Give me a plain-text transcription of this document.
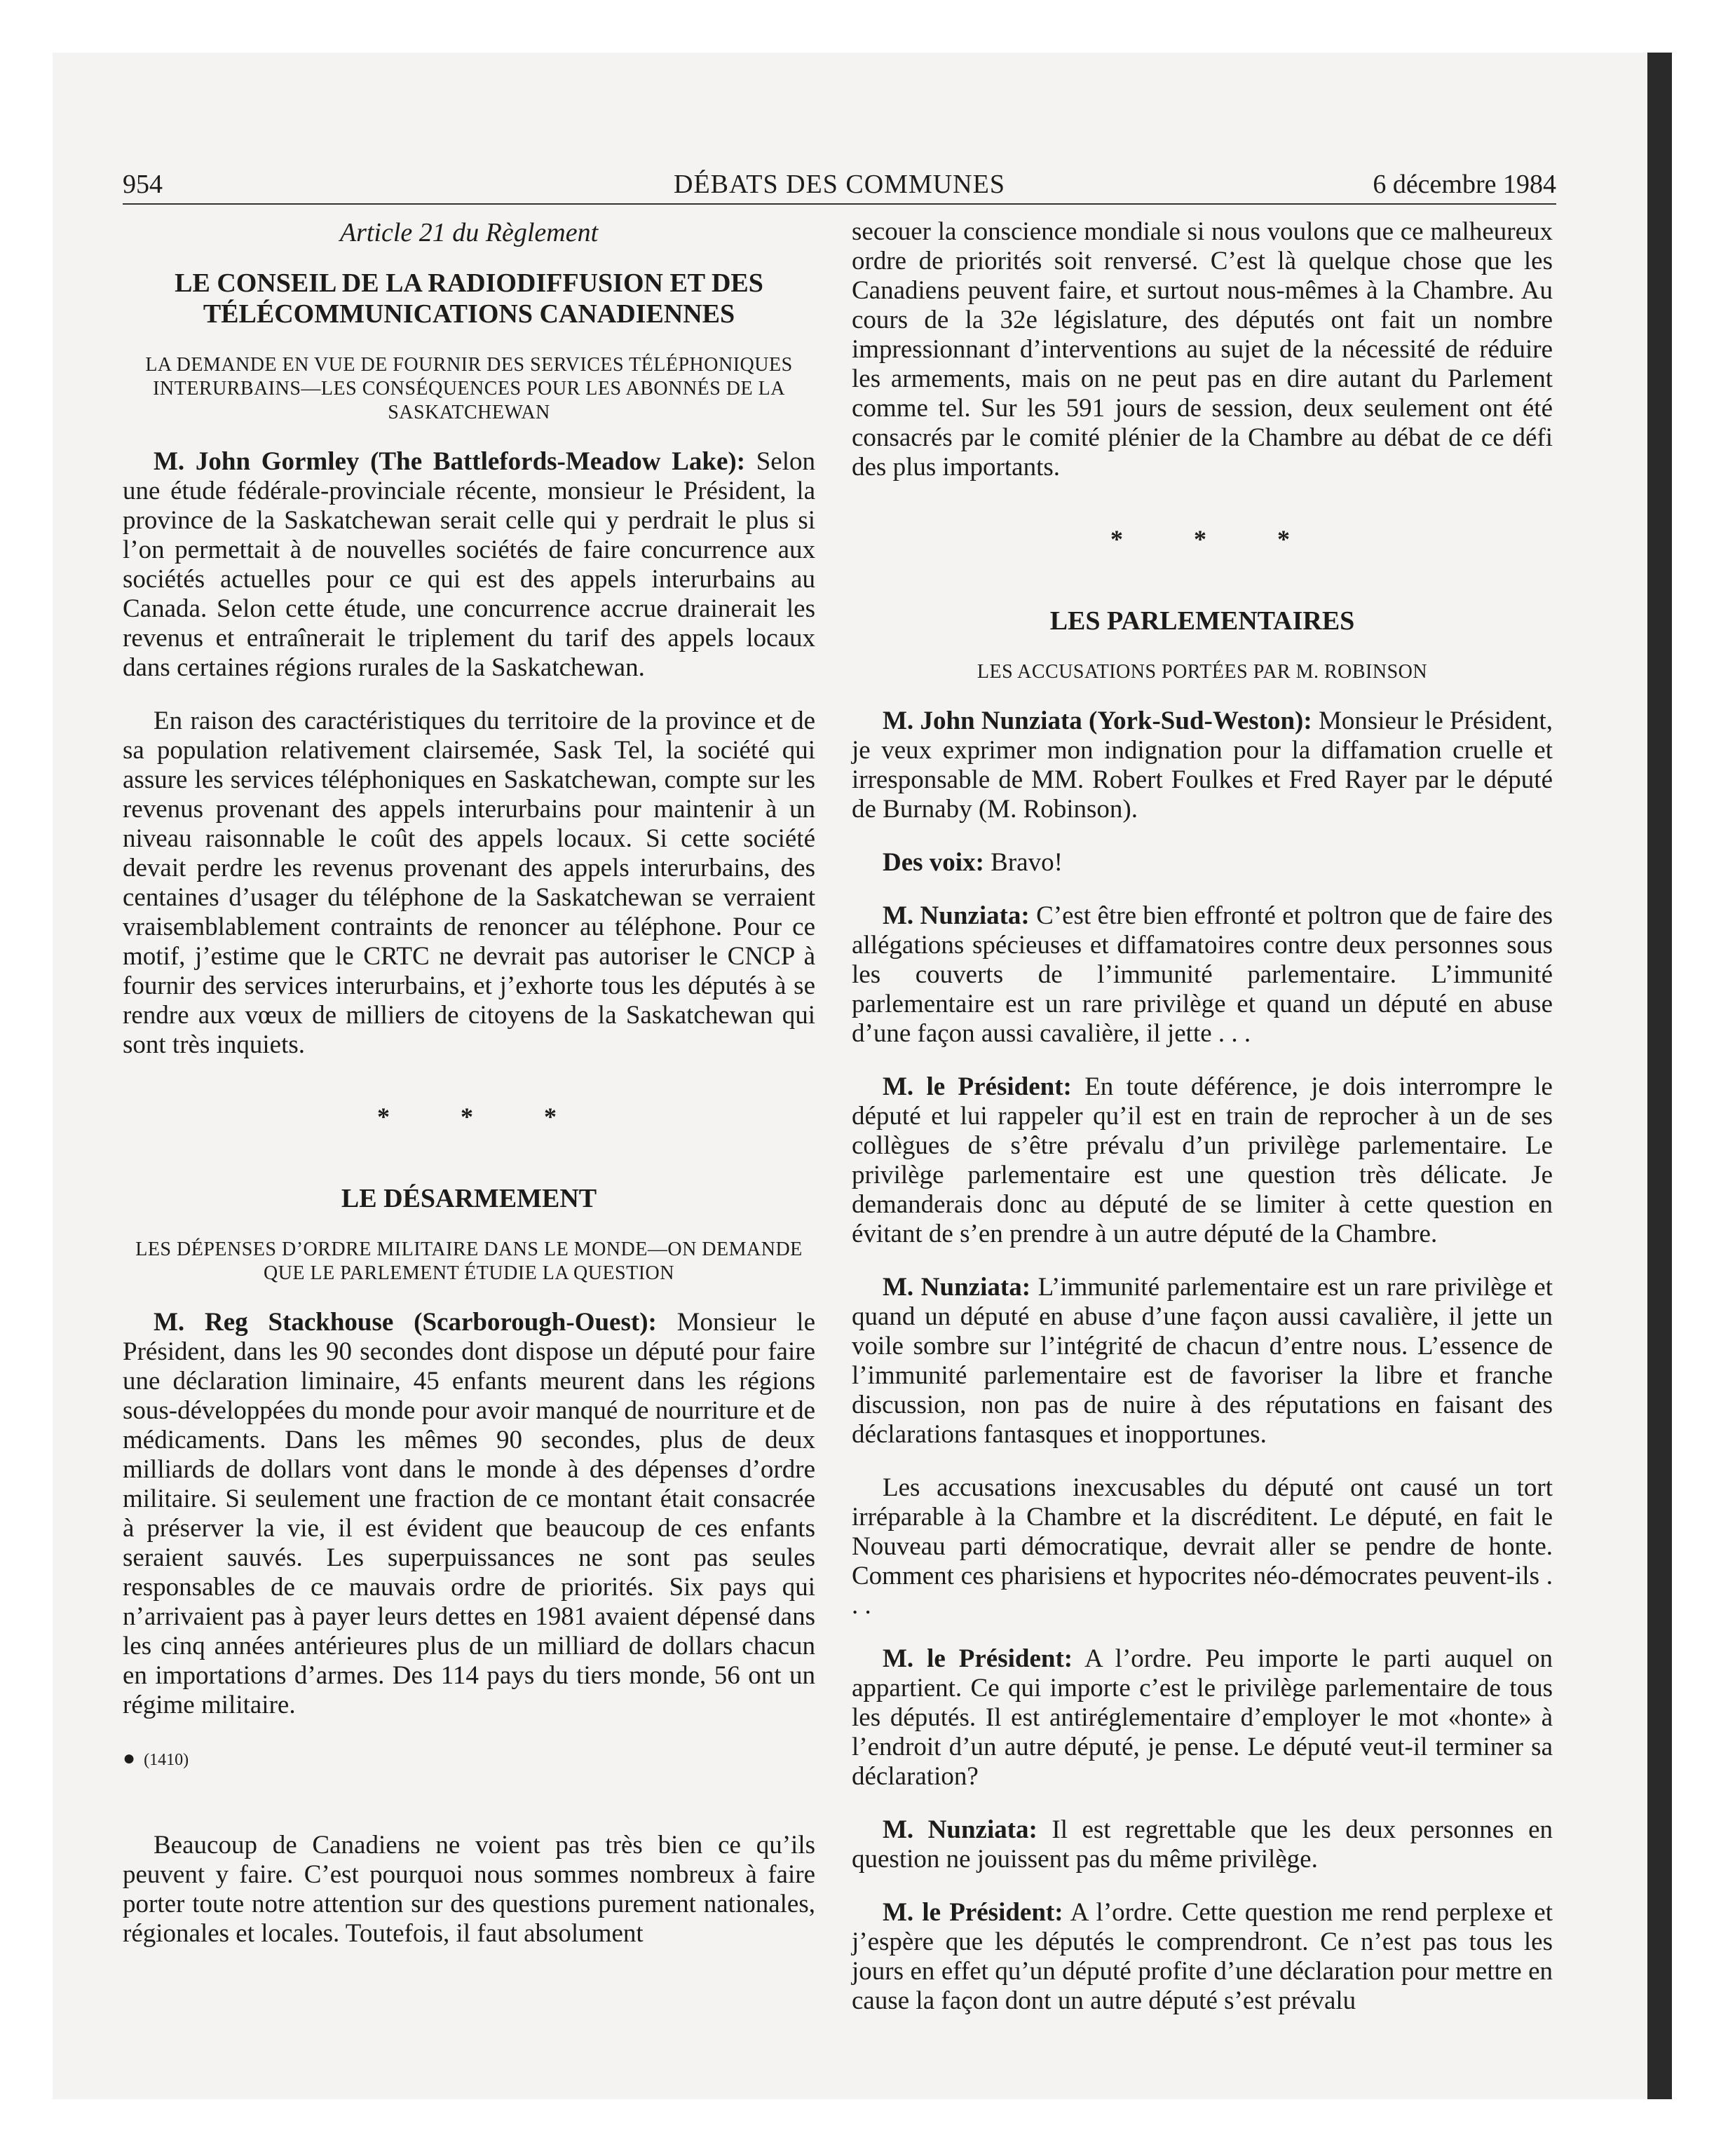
954	DÉBATS DES COMMUNES	6 décembre 1984
Article 21 du Règlement
LE CONSEIL DE LA RADIODIFFUSION ET DES TÉLÉCOMMUNICATIONS CANADIENNES
LA DEMANDE EN VUE DE FOURNIR DES SERVICES TÉLÉPHONIQUES INTERURBAINS—LES CONSÉQUENCES POUR LES ABONNÉS DE LA SASKATCHEWAN

M. John Gormley (The Battlefords-Meadow Lake): Selon une étude fédérale-provinciale récente, monsieur le Président, la province de la Saskatchewan serait celle qui y perdrait le plus si l’on permettait à de nouvelles sociétés de faire concurrence aux sociétés actuelles pour ce qui est des appels interurbains au Canada. Selon cette étude, une concurrence accrue drainerait les revenus et entraînerait le triplement du tarif des appels locaux dans certaines régions rurales de la Saskatchewan.

En raison des caractéristiques du territoire de la province et de sa population relativement clairsemée, Sask Tel, la société qui assure les services téléphoniques en Saskatchewan, compte sur les revenus provenant des appels interurbains pour maintenir à un niveau raisonnable le coût des appels locaux. Si cette société devait perdre les revenus provenant des appels interurbains, des centaines d’usager du téléphone de la Saskatchewan se verraient vraisemblablement contraints de renoncer au téléphone. Pour ce motif, j’estime que le CRTC ne devrait pas autoriser le CNCP à fournir des services interurbains, et j’exhorte tous les députés à se rendre aux vœux de milliers de citoyens de la Saskatchewan qui sont très inquiets.

* * *
LE DÉSARMEMENT
LES DÉPENSES D’ORDRE MILITAIRE DANS LE MONDE—ON DEMANDE QUE LE PARLEMENT ÉTUDIE LA QUESTION

M. Reg Stackhouse (Scarborough-Ouest): Monsieur le Président, dans les 90 secondes dont dispose un député pour faire une déclaration liminaire, 45 enfants meurent dans les régions sous-développées du monde pour avoir manqué de nourriture et de médicaments. Dans les mêmes 90 secondes, plus de deux milliards de dollars vont dans le monde à des dépenses d’ordre militaire. Si seulement une fraction de ce montant était consacrée à préserver la vie, il est évident que beaucoup de ces enfants seraient sauvés. Les superpuissances ne sont pas seules responsables de ce mauvais ordre de priorités. Six pays qui n’arrivaient pas à payer leurs dettes en 1981 avaient dépensé dans les cinq années antérieures plus de un milliard de dollars chacun en importations d’armes. Des 114 pays du tiers monde, 56 ont un régime militaire.

● (1410)

Beaucoup de Canadiens ne voient pas très bien ce qu’ils peuvent y faire. C’est pourquoi nous sommes nombreux à faire porter toute notre attention sur des questions purement nationales, régionales et locales. Toutefois, il faut absolument

secouer la conscience mondiale si nous voulons que ce malheureux ordre de priorités soit renversé. C’est là quelque chose que les Canadiens peuvent faire, et surtout nous-mêmes à la Chambre. Au cours de la 32e législature, des députés ont fait un nombre impressionnant d’interventions au sujet de la nécessité de réduire les armements, mais on ne peut pas en dire autant du Parlement comme tel. Sur les 591 jours de session, deux seulement ont été consacrés par le comité plénier de la Chambre au débat de ce défi des plus importants.

* * *
LES PARLEMENTAIRES
LES ACCUSATIONS PORTÉES PAR M. ROBINSON

M. John Nunziata (York-Sud-Weston): Monsieur le Président, je veux exprimer mon indignation pour la diffamation cruelle et irresponsable de MM. Robert Foulkes et Fred Rayer par le député de Burnaby (M. Robinson).

Des voix: Bravo!

M. Nunziata: C’est être bien effronté et poltron que de faire des allégations spécieuses et diffamatoires contre deux personnes sous les couverts de l’immunité parlementaire. L’immunité parlementaire est un rare privilège et quand un député en abuse d’une façon aussi cavalière, il jette . . .

M. le Président: En toute déférence, je dois interrompre le député et lui rappeler qu’il est en train de reprocher à un de ses collègues de s’être prévalu d’un privilège parlementaire. Le privilège parlementaire est une question très délicate. Je demanderais donc au député de se limiter à cette question en évitant de s’en prendre à un autre député de la Chambre.

M. Nunziata: L’immunité parlementaire est un rare privilège et quand un député en abuse d’une façon aussi cavalière, il jette un voile sombre sur l’intégrité de chacun d’entre nous. L’essence de l’immunité parlementaire est de favoriser la libre et franche discussion, non pas de nuire à des réputations en faisant des déclarations fantasques et inopportunes.

Les accusations inexcusables du député ont causé un tort irréparable à la Chambre et la discréditent. Le député, en fait le Nouveau parti démocratique, devrait aller se pendre de honte. Comment ces pharisiens et hypocrites néo-démocrates peuvent-ils . . .

M. le Président: A l’ordre. Peu importe le parti auquel on appartient. Ce qui importe c’est le privilège parlementaire de tous les députés. Il est antiréglementaire d’employer le mot «honte» à l’endroit d’un autre député, je pense. Le député veut-il terminer sa déclaration?

M. Nunziata: Il est regrettable que les deux personnes en question ne jouissent pas du même privilège.

M. le Président: A l’ordre. Cette question me rend perplexe et j’espère que les députés le comprendront. Ce n’est pas tous les jours en effet qu’un député profite d’une déclaration pour mettre en cause la façon dont un autre député s’est prévalu
